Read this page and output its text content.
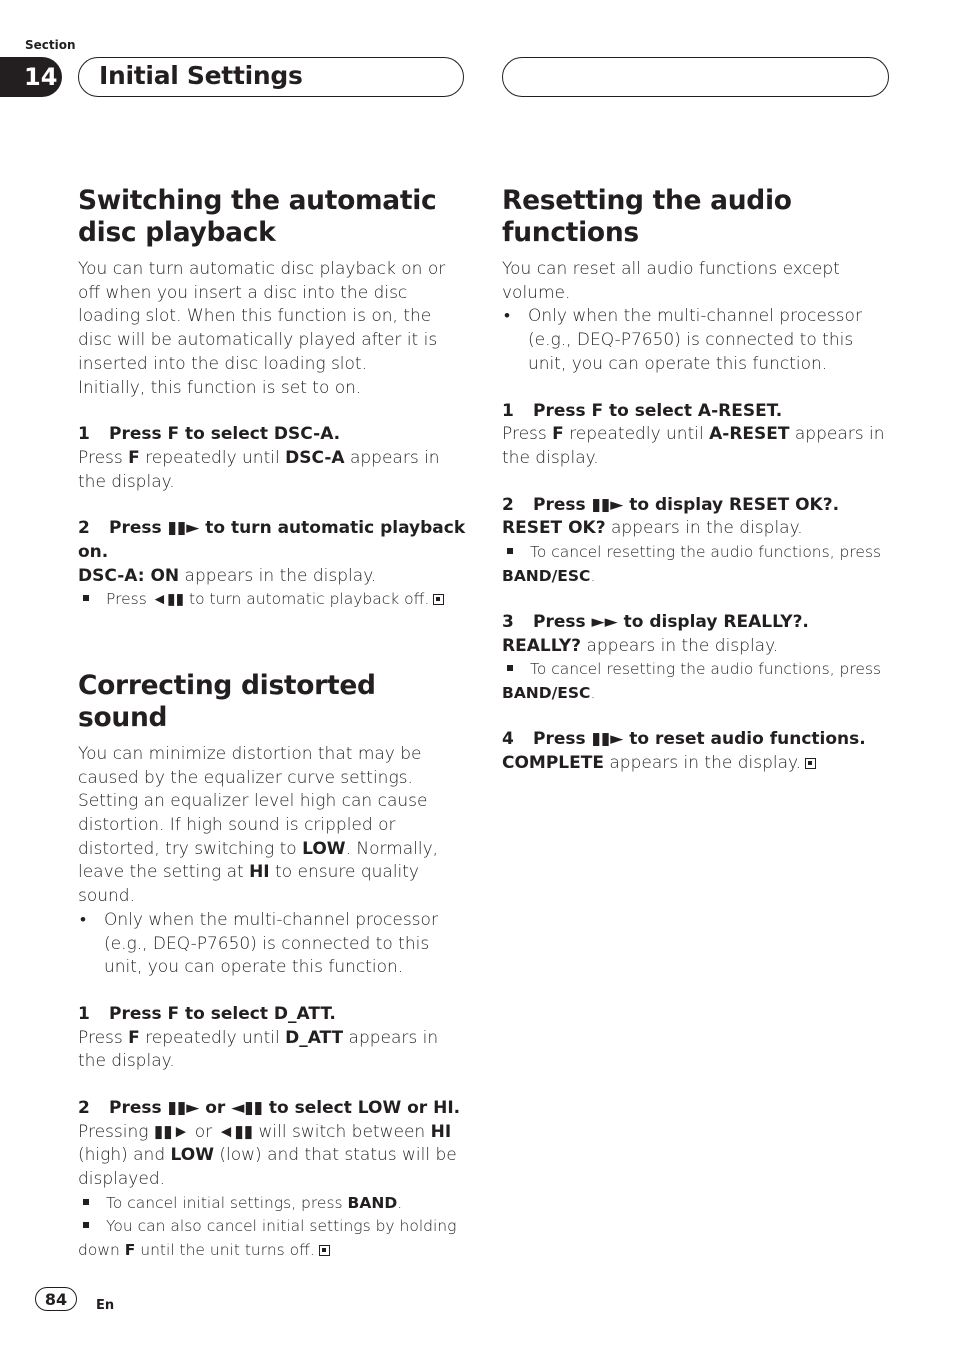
Section
14 Initial Settings
Switching the automatic
disc playback

You can turn automatic disc playback on or off when you insert a disc into the disc loading slot. When this function is on, the disc will be automatically played after it is inserted into the disc loading slot.

Initially, this function is set to on.

1 Press F to select DSC-A.

Press F repeatedly until DSC-A appears in the display.

2 Press ▮▮► to turn automatic playback on.

DSC-A: ON appears in the display.

Press ◄▮▮ to turn automatic playback off.
Correcting distorted sound

You can minimize distortion that may be caused by the equalizer curve settings. Setting an equalizer level high can cause distortion. If high sound is crippled or distorted, try switching to LOW. Normally, leave the setting at HI to ensure quality sound.

•	Only when the multi-channel processor (e.g., DEQ-P7650) is connected to this unit, you can operate this function.
1 Press F to select D_ATT.

Press F repeatedly until D_ATT appears in the display.

2 Press ▮▮► or ◄▮▮ to select LOW or HI.

Pressing ▮▮► or ◄▮▮ will switch between HI (high) and LOW (low) and that status will be displayed.

To cancel initial settings, press BAND.
You can also cancel initial settings by holding down F until the unit turns off.
Resetting the audio functions

You can reset all audio functions except volume.

•	Only when the multi-channel processor (e.g., DEQ-P7650) is connected to this unit, you can operate this function.
1 Press F to select A-RESET.

Press F repeatedly until A-RESET appears in the display.

2 Press ▮▮► to display RESET OK?.

RESET OK? appears in the display.

To cancel resetting the audio functions, press BAND/ESC.
3 Press ►► to display REALLY?.

REALLY? appears in the display.

To cancel resetting the audio functions, press BAND/ESC.
4 Press ▮▮► to reset audio functions.

COMPLETE appears in the display.

84	En
